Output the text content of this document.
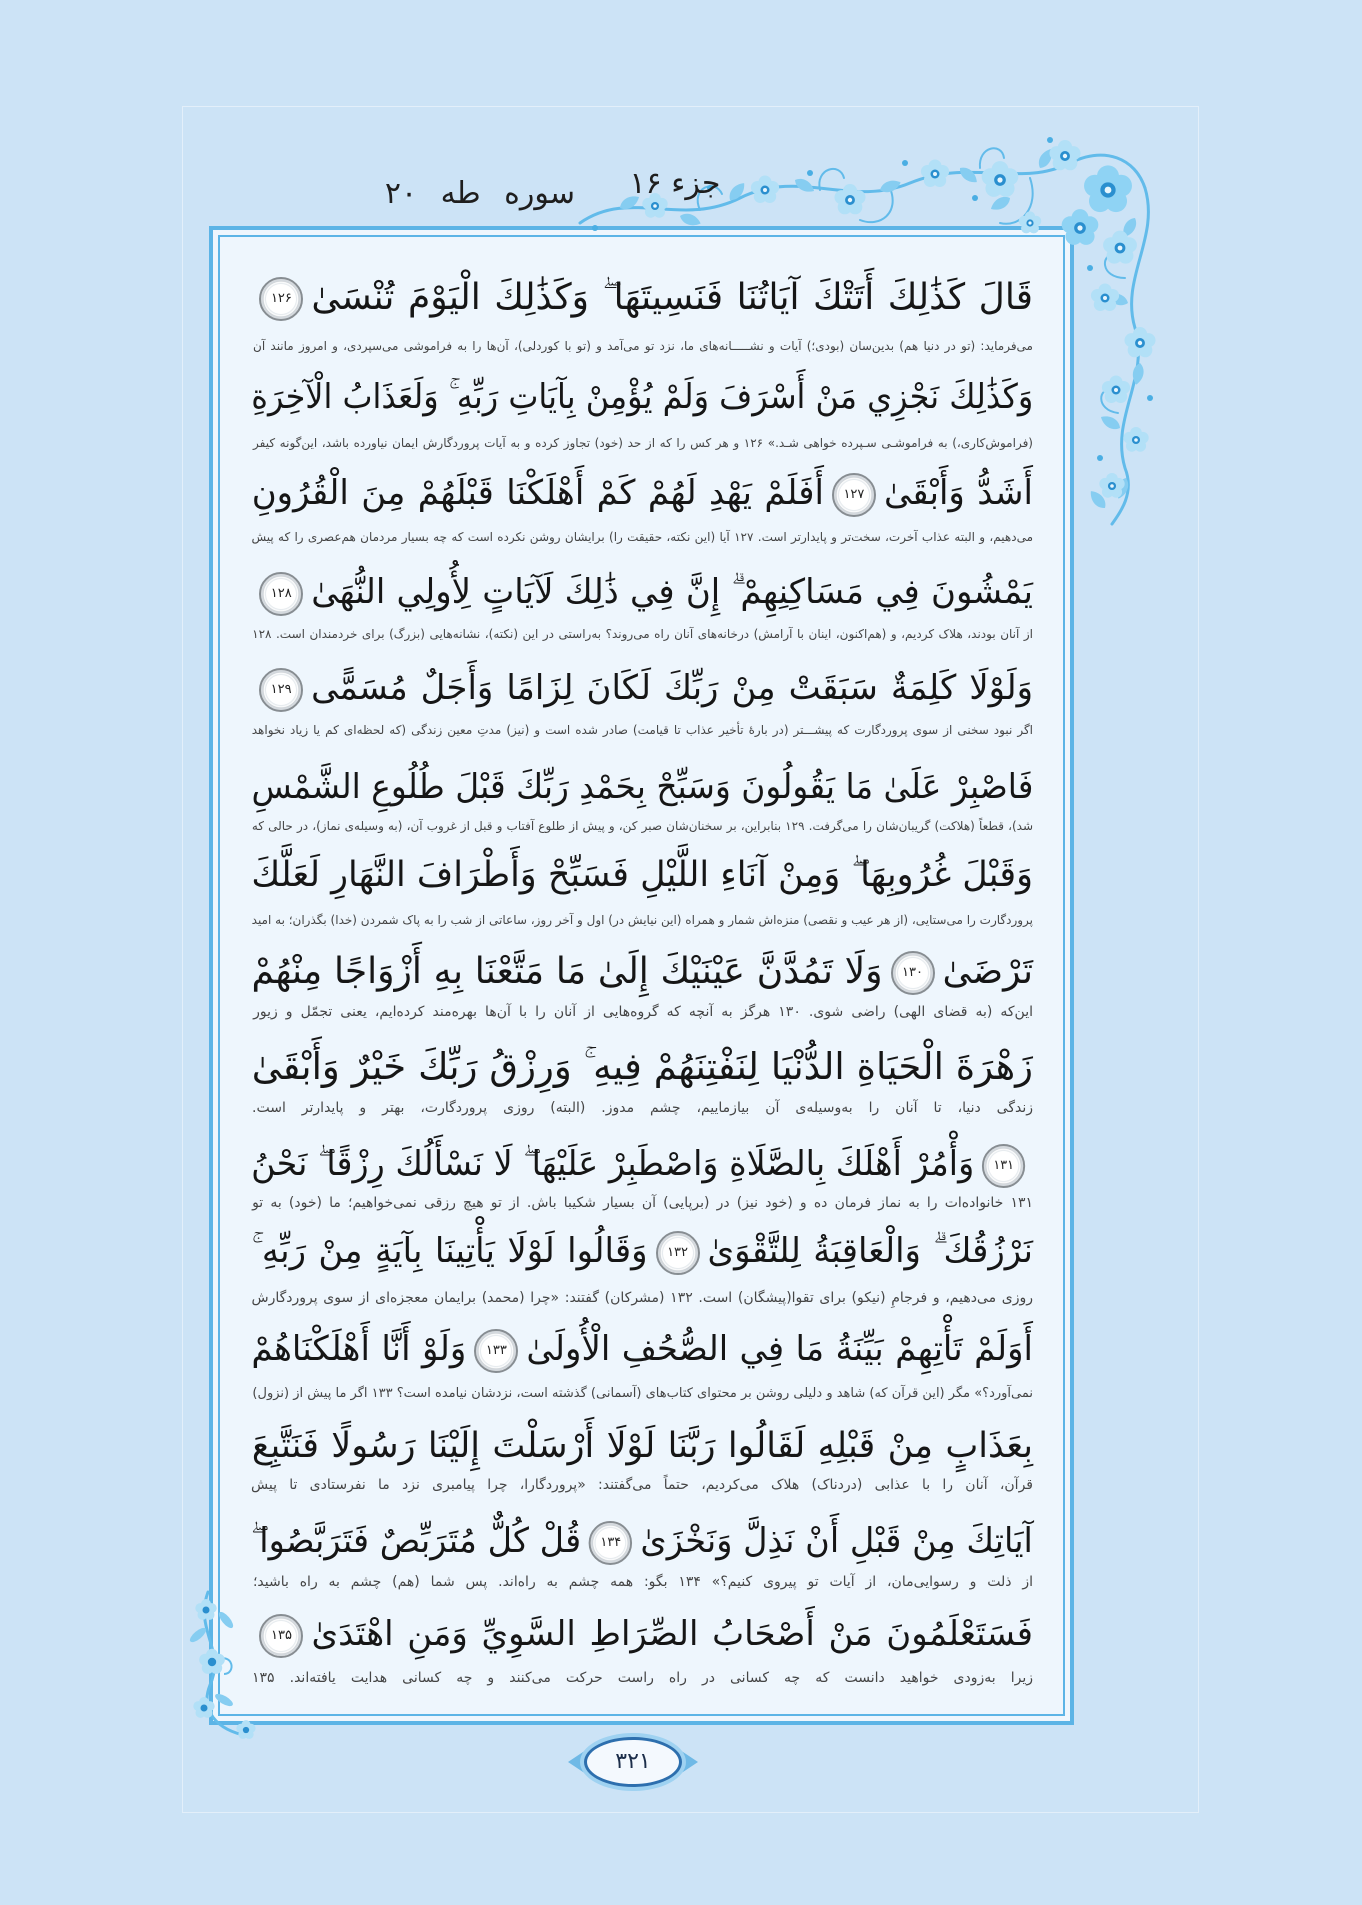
سوره طه ۲۰	جزء ۱۶
قَالَ كَذَٰلِكَ أَتَتْكَ آيَاتُنَا فَنَسِيتَهَا ۖ وَكَذَٰلِكَ الْيَوْمَ تُنْسَىٰ۱۲۶
می‌فرماید: (تو در دنیا هم) بدین‌سان (بودی؛) آیات و نشـــــانه‌های ما، نزد تو می‌آمد و (تو با کوردلی)، آن‌ها را به فراموشی می‌سپردی، و امروز مانند آن
وَكَذَٰلِكَ نَجْزِي مَنْ أَسْرَفَ وَلَمْ يُؤْمِنْ بِآيَاتِ رَبِّهِ ۚ وَلَعَذَابُ الْآخِرَةِ
(فراموش‌کاری،) به فراموشـی سـپرده خواهی شـد.» ۱۲۶ و هر کس را که از حد (خود) تجاوز کرده و به آیات پروردگارش ایمان نیاورده باشد، این‌گونه کیفر
أَشَدُّ وَأَبْقَىٰ۱۲۷أَفَلَمْ يَهْدِ لَهُمْ كَمْ أَهْلَكْنَا قَبْلَهُمْ مِنَ الْقُرُونِ
می‌دهیم، و البته عذاب آخرت، سخت‌تر و پایدارتر است. ۱۲۷ آیا (این نکته، حقیقت را) برایشان روشن نکرده است که چه بسیار مردمان هم‌عصری را که پیش
يَمْشُونَ فِي مَسَاكِنِهِمْ ۗ إِنَّ فِي ذَٰلِكَ لَآيَاتٍ لِأُولِي النُّهَىٰ۱۲۸
از آنان بودند، هلاک کردیم، و (هم‌اکنون، اینان با آرامش) درخانه‌های آنان راه می‌روند؟ به‌راستی در این (نکته)، نشانه‌هایی (بزرگ) برای خردمندان است. ۱۲۸
وَلَوْلَا كَلِمَةٌ سَبَقَتْ مِنْ رَبِّكَ لَكَانَ لِزَامًا وَأَجَلٌ مُسَمًّى۱۲۹
اگر نبود سخنی از سوی پروردگارت که پیشـــتر (در بارهٔ تأخیر عذاب تا قیامت) صادر شده است و (نیز) مدتِ معین زندگی (که لحظه‌ای کم یا زیاد نخواهد
فَاصْبِرْ عَلَىٰ مَا يَقُولُونَ وَسَبِّحْ بِحَمْدِ رَبِّكَ قَبْلَ طُلُوعِ الشَّمْسِ
شد)، قطعاً (هلاکت) گریبان‌شان را می‌گرفت. ۱۲۹ بنابراین، بر سخنان‌شان صبر کن، و پیش از طلوع آفتاب و قبل از غروب آن، (به وسیله‌ی نماز)، در حالی که
وَقَبْلَ غُرُوبِهَا ۖ وَمِنْ آنَاءِ اللَّيْلِ فَسَبِّحْ وَأَطْرَافَ النَّهَارِ لَعَلَّكَ
پروردگارت را می‌ستایی، (از هر عیب و نقصی) منزه‌اش شمار و همراه (این نیایش در) اول و آخر روز، ساعاتی از شب را به پاک شمردن (خدا) بگذران؛ به امید
تَرْضَىٰ۱۳۰وَلَا تَمُدَّنَّ عَيْنَيْكَ إِلَىٰ مَا مَتَّعْنَا بِهِ أَزْوَاجًا مِنْهُمْ
این‌که (به قضای الهی) راضی شوی. ۱۳۰ هرگز به آنچه که گروه‌هایی از آنان را با آن‌ها بهره‌مند کرده‌ایم، یعنی تجمّل و زیور
زَهْرَةَ الْحَيَاةِ الدُّنْيَا لِنَفْتِنَهُمْ فِيهِ ۚ وَرِزْقُ رَبِّكَ خَيْرٌ وَأَبْقَىٰ
زندگی دنیا، تا آنان را به‌وسیله‌ی آن بیازماییم، چشم مدوز. (البته) روزی پروردگارت، بهتر و پایدارتر است.
۱۳۱وَأْمُرْ أَهْلَكَ بِالصَّلَاةِ وَاصْطَبِرْ عَلَيْهَا ۖ لَا نَسْأَلُكَ رِزْقًا ۖ نَحْنُ
۱۳۱ خانواده‌ات را به نماز فرمان ده و (خود نیز) در (برپایی) آن بسیار شکیبا باش. از تو هیچ رزقی نمی‌خواهیم؛ ما (خود) به تو
نَرْزُقُكَ ۗ وَالْعَاقِبَةُ لِلتَّقْوَىٰ۱۳۲وَقَالُوا لَوْلَا يَأْتِينَا بِآيَةٍ مِنْ رَبِّهِ ۚ
روزی می‌دهیم، و فرجامِ (نیکو) برای تقوا(پیشگان) است. ۱۳۲ (مشرکان) گفتند: «چرا (محمد) برایمان معجزه‌ای از سوی پروردگارش
أَوَلَمْ تَأْتِهِمْ بَيِّنَةُ مَا فِي الصُّحُفِ الْأُولَىٰ۱۳۳وَلَوْ أَنَّا أَهْلَكْنَاهُمْ
نمی‌آورد؟» مگر (این قرآن که) شاهد و دلیلی روشن بر محتوای کتاب‌های (آسمانی) گذشته است، نزدشان نیامده است؟ ۱۳۳ اگر ما پیش از (نزول)
بِعَذَابٍ مِنْ قَبْلِهِ لَقَالُوا رَبَّنَا لَوْلَا أَرْسَلْتَ إِلَيْنَا رَسُولًا فَنَتَّبِعَ
قرآن، آنان را با عذابی (دردناک) هلاک می‌کردیم، حتماً می‌گفتند: «پروردگارا، چرا پیامبری نزد ما نفرستادی تا پیش
آيَاتِكَ مِنْ قَبْلِ أَنْ نَذِلَّ وَنَخْزَىٰ۱۳۴قُلْ كُلٌّ مُتَرَبِّصٌ فَتَرَبَّصُوا ۖ
از ذلت و رسوایی‌مان، از آیات تو پیروی کنیم؟» ۱۳۴ بگو: همه چشم به راه‌اند. پس شما (هم) چشم به راه باشید؛
فَسَتَعْلَمُونَ مَنْ أَصْحَابُ الصِّرَاطِ السَّوِيِّ وَمَنِ اهْتَدَىٰ۱۳۵
زیرا به‌زودی خواهید دانست که چه کسانی در راه راست حرکت می‌کنند و چه کسانی هدایت یافته‌اند. ۱۳۵
۳۲۱
